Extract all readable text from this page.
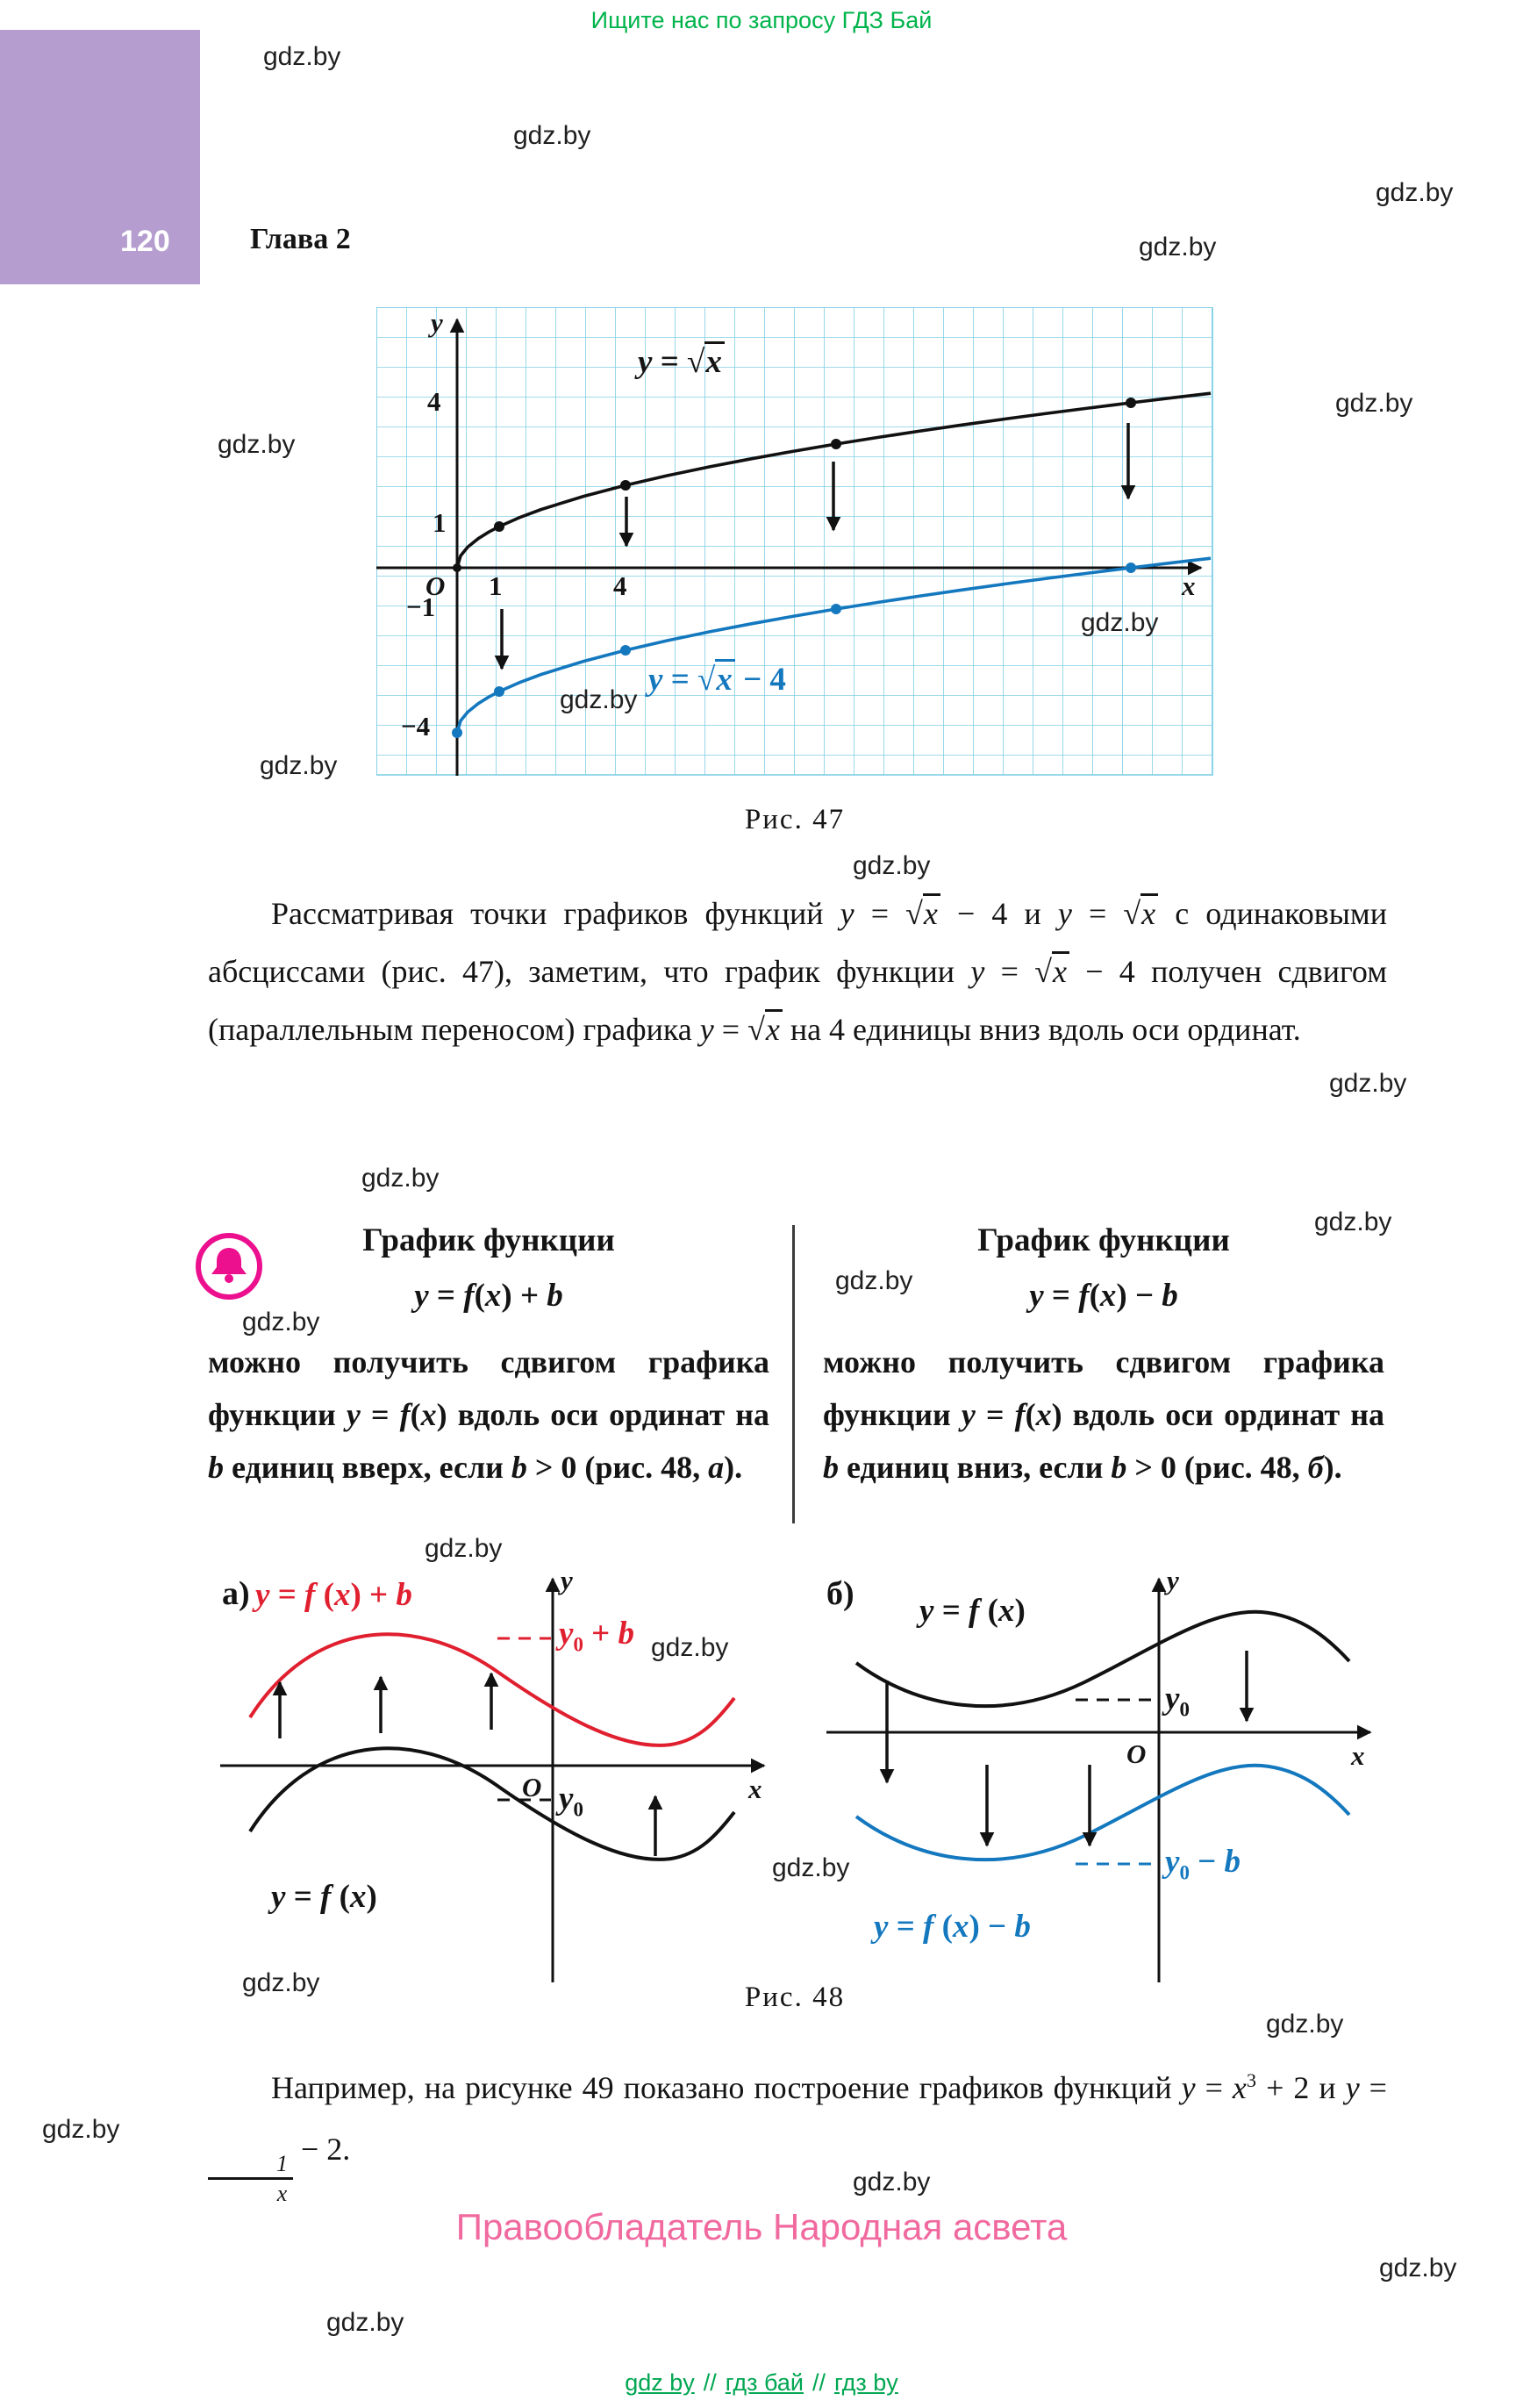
Ищите нас по запросу ГДЗ Бай
120	Глава 2
y
x
O
4
1
−1
−4
1	4
y = √x
y = √x − 4
Рис. 47

Рассматривая точки графиков функций y = √x − 4 и y = √x с одинаковыми абсциссами (рис. 47), заметим, что график функции y = √x − 4 получен сдвигом (параллельным переносом) графика y = √x на 4 единицы вниз вдоль оси ординат.

График функции
y = f(x) + b
можно получить сдвигом графика функции y = f(x) вдоль оси ординат на b единиц вверх, если b > 0 (рис. 48, а).
График функции
y = f(x) − b
можно получить сдвигом графика функции y = f(x) вдоль оси ординат на b единиц вниз, если b > 0 (рис. 48, б).
а) y = f (x) + b
y = f (x)
y
x
O
$y_0 + b$
$y_0$
б) y = f (x)
y = f (x) − b
y
x
O
$y_0$
$y_0 - b$
Рис. 48

Например, на рисунке 49 показано построение графиков функций $y = x^3 + 2$ и y =
$\frac{1}{x}$
− 2.

Правообладатель Народная асвета
gdz by // гдз бай // гдз by
gdz.by
gdz.by
gdz.by
gdz.by
gdz.by
gdz.by
gdz.by
gdz.by
gdz.by
gdz.by
gdz.by
gdz.by
gdz.by
gdz.by
gdz.by
gdz.by
gdz.by
gdz.by
gdz.by
gdz.by
gdz.by
gdz.by
gdz.by
gdz.by
